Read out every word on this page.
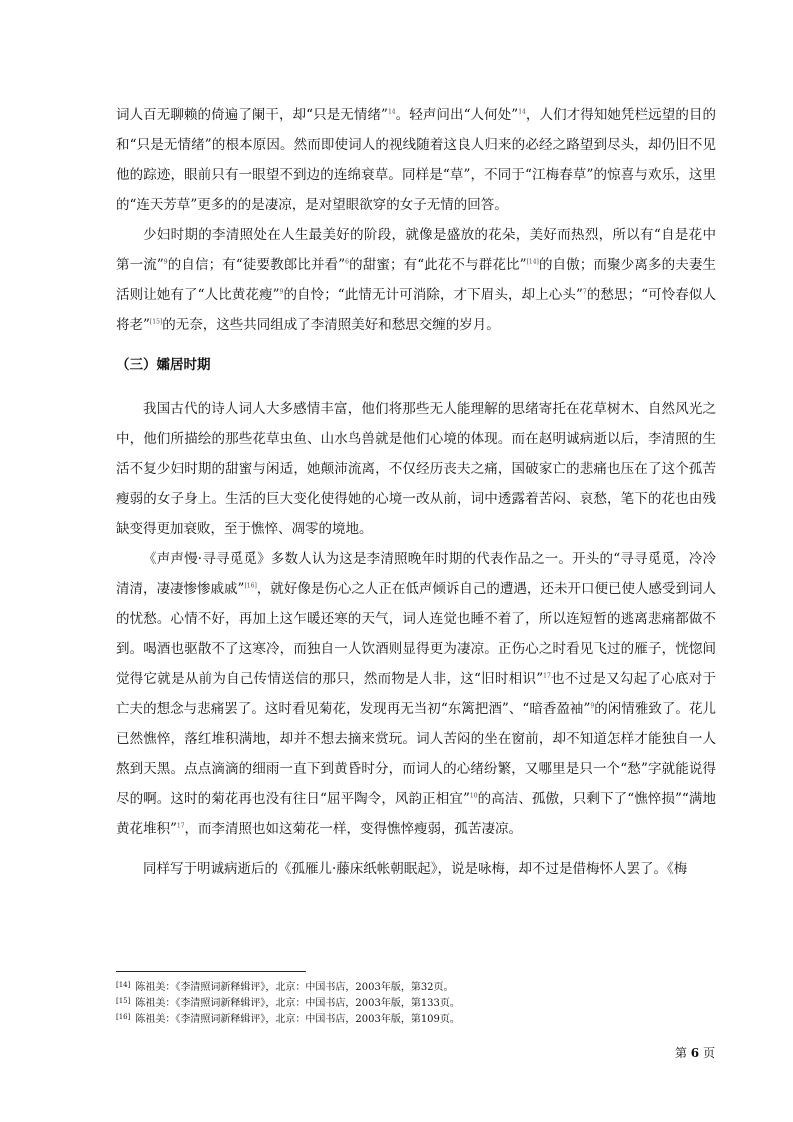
词人百无聊赖的倚遍了阑干，却“只是无情绪”$^{14}$。轻声问出“人何处”$^{14}$，人们才得知她凭栏远望的目的和“只是无情绪”的根本原因。然而即使词人的视线随着这良人归来的必经之路望到尽头，却仍旧不见他的踪迹，眼前只有一眼望不到边的连绵衰草。同样是“草”，不同于“江梅春草”的惊喜与欢乐，这里的“连天芳草”更多的的是凄凉，是对望眼欲穿的女子无情的回答。

少妇时期的李清照处在人生最美好的阶段，就像是盛放的花朵，美好而热烈，所以有“自是花中第一流”$^9$的自信；有“徒要教郎比并看”$^6$的甜蜜；有“此花不与群花比”[14]的自傲；而聚少离多的夫妻生活则让她有了“人比黄花瘦”$^9$的自怜；“此情无计可消除，才下眉头，却上心头”$^7$的愁思；“可怜春似人将老”[15]的无奈，这些共同组成了李清照美好和愁思交缠的岁月。

（三）孀居时期

我国古代的诗人词人大多感情丰富，他们将那些无人能理解的思绪寄托在花草树木、自然风光之中，他们所描绘的那些花草虫鱼、山水鸟兽就是他们心境的体现。而在赵明诚病逝以后，李清照的生活不复少妇时期的甜蜜与闲适，她颠沛流离，不仅经历丧夫之痛，国破家亡的悲痛也压在了这个孤苦瘦弱的女子身上。生活的巨大变化使得她的心境一改从前，词中透露着苦闷、哀愁，笔下的花也由残缺变得更加衰败，至于憔悴、凋零的境地。

《声声慢·寻寻觅觅》多数人认为这是李清照晚年时期的代表作品之一。开头的“寻寻觅觅，冷冷清清，凄凄惨惨戚戚”[16]，就好像是伤心之人正在低声倾诉自己的遭遇，还未开口便已使人感受到词人的忧愁。心情不好，再加上这乍暖还寒的天气，词人连觉也睡不着了，所以连短暂的逃离悲痛都做不到。喝酒也驱散不了这寒冷，而独自一人饮酒则显得更为凄凉。正伤心之时看见飞过的雁子，恍惚间觉得它就是从前为自己传情送信的那只，然而物是人非，这“旧时相识”$^{17}$也不过是又勾起了心底对于亡夫的想念与悲痛罢了。这时看见菊花，发现再无当初“东篱把酒”、“暗香盈袖”$^9$的闲情雅致了。花儿已然憔悴，落红堆积满地，却并不想去摘来赏玩。词人苦闷的坐在窗前，却不知道怎样才能独自一人熬到天黑。点点滴滴的细雨一直下到黄昏时分，而词人的心绪纷繁，又哪里是只一个“愁”字就能说得尽的啊。这时的菊花再也没有往日“屈平陶令，风韵正相宜”$^{10}$的高洁、孤傲，只剩下了“憔悴损”“满地黄花堆积”$^{17}$，而李清照也如这菊花一样，变得憔悴瘦弱，孤苦凄凉。

同样写于明诚病逝后的《孤雁儿·藤床纸帐朝眠起》，说是咏梅，却不过是借梅怀人罢了。《梅

[14] 陈祖美：《李清照词新释辑评》，北京：中国书店，2003年版，第32页。
[15] 陈祖美：《李清照词新释辑评》，北京：中国书店，2003年版，第133页。
[16] 陈祖美：《李清照词新释辑评》，北京：中国书店，2003年版，第109页。
第 6 页
